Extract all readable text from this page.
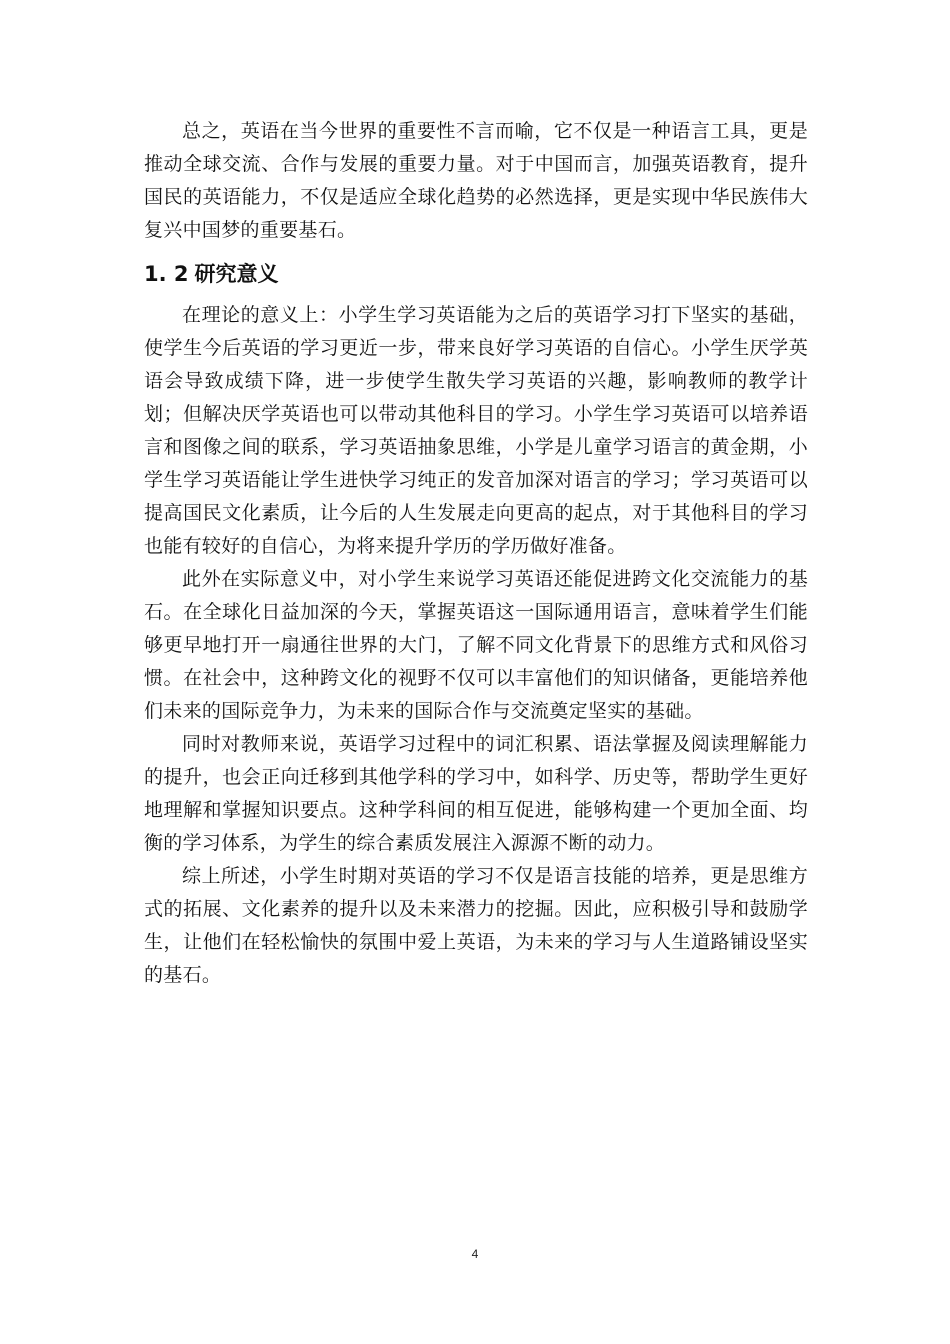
总之，英语在当今世界的重要性不言而喻，它不仅是一种语言工具，更是推动全球交流、合作与发展的重要力量。对于中国而言，加强英语教育，提升国民的英语能力，不仅是适应全球化趋势的必然选择，更是实现中华民族伟大复兴中国梦的重要基石。

1. 2 研究意义

在理论的意义上：小学生学习英语能为之后的英语学习打下坚实的基础，使学生今后英语的学习更近一步，带来良好学习英语的自信心。小学生厌学英语会导致成绩下降，进一步使学生散失学习英语的兴趣，影响教师的教学计划；但解决厌学英语也可以带动其他科目的学习。小学生学习英语可以培养语言和图像之间的联系，学习英语抽象思维，小学是儿童学习语言的黄金期，小学生学习英语能让学生进快学习纯正的发音加深对语言的学习；学习英语可以提高国民文化素质，让今后的人生发展走向更高的起点，对于其他科目的学习也能有较好的自信心，为将来提升学历的学历做好准备。

此外在实际意义中，对小学生来说学习英语还能促进跨文化交流能力的基石。在全球化日益加深的今天，掌握英语这一国际通用语言，意味着学生们能够更早地打开一扇通往世界的大门，了解不同文化背景下的思维方式和风俗习惯。在社会中，这种跨文化的视野不仅可以丰富他们的知识储备，更能培养他们未来的国际竞争力，为未来的国际合作与交流奠定坚实的基础。

同时对教师来说，英语学习过程中的词汇积累、语法掌握及阅读理解能力的提升，也会正向迁移到其他学科的学习中，如科学、历史等，帮助学生更好地理解和掌握知识要点。这种学科间的相互促进，能够构建一个更加全面、均衡的学习体系，为学生的综合素质发展注入源源不断的动力。

综上所述，小学生时期对英语的学习不仅是语言技能的培养，更是思维方式的拓展、文化素养的提升以及未来潜力的挖掘。因此，应积极引导和鼓励学生，让他们在轻松愉快的氛围中爱上英语，为未来的学习与人生道路铺设坚实的基石。

4
